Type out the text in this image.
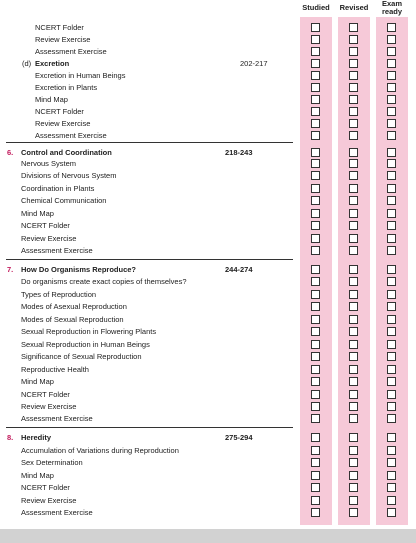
Studied	Revised	Exam ready
NCERT Folder
Review Exercise
Assessment Exercise
(d) Excretion	202-217
Excretion in Human Beings
Excretion in Plants
Mind Map
NCERT Folder
Review Exercise
Assessment Exercise
6. Control and Coordination	218-243
Nervous System
Divisions of Nervous System
Coordination in Plants
Chemical Communication
Mind Map
NCERT Folder
Review Exercise
Assessment Exercise
7. How Do Organisms Reproduce?	244-274
Do organisms create exact copies of themselves?
Types of Reproduction
Modes of Asexual Reproduction
Modes of Sexual Reproduction
Sexual Reproduction in Flowering Plants
Sexual Reproduction in Human Beings
Significance of Sexual Reproduction
Reproductive Health
Mind Map
NCERT Folder
Review Exercise
Assessment Exercise
8. Heredity	275-294
Accumulation of Variations during Reproduction
Sex Determination
Mind Map
NCERT Folder
Review Exercise
Assessment Exercise
